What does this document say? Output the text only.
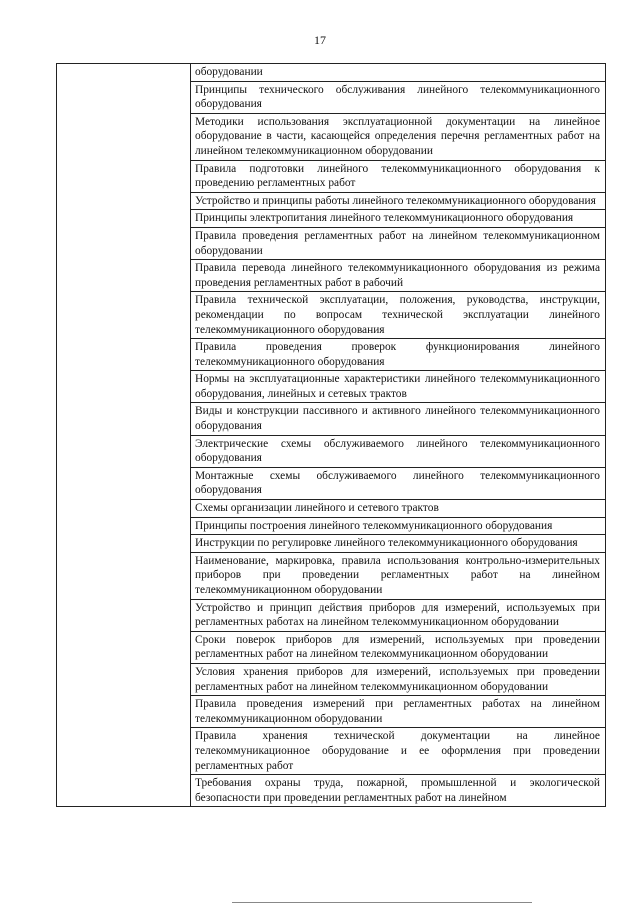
17
	оборудовании
Принципы технического обслуживания линейного телекоммуникационного оборудования
Методики использования эксплуатационной документации на линейное оборудование в части, касающейся определения перечня регламентных работ на линейном телекоммуникационном оборудовании
Правила подготовки линейного телекоммуникационного оборудования к проведению регламентных работ
Устройство и принципы работы линейного телекоммуникационного оборудования
Принципы электропитания линейного телекоммуникационного оборудования
Правила проведения регламентных работ на линейном телекоммуникационном оборудовании
Правила перевода линейного телекоммуникационного оборудования из режима проведения регламентных работ в рабочий
Правила технической эксплуатации, положения, руководства, инструкции, рекомендации по вопросам технической эксплуатации линейного телекоммуникационного оборудования
Правила проведения проверок функционирования линейного телекоммуникационного оборудования
Нормы на эксплуатационные характеристики линейного телекоммуникационного оборудования, линейных и сетевых трактов
Виды и конструкции пассивного и активного линейного телекоммуникационного оборудования
Электрические схемы обслуживаемого линейного телекоммуникационного оборудования
Монтажные схемы обслуживаемого линейного телекоммуникационного оборудования
Схемы организации линейного и сетевого трактов
Принципы построения линейного телекоммуникационного оборудования
Инструкции по регулировке линейного телекоммуникационного оборудования
Наименование, маркировка, правила использования контрольно-измерительных приборов при проведении регламентных работ на линейном телекоммуникационном оборудовании
Устройство и принцип действия приборов для измерений, используемых при регламентных работах на линейном телекоммуникационном оборудовании
Сроки поверок приборов для измерений, используемых при проведении регламентных работ на линейном телекоммуникационном оборудовании
Условия хранения приборов для измерений, используемых при проведении регламентных работ на линейном телекоммуникационном оборудовании
Правила проведения измерений при регламентных работах на линейном телекоммуникационном оборудовании
Правила хранения технической документации на линейное телекоммуникационное оборудование и ее оформления при проведении регламентных работ
Требования охраны труда, пожарной, промышленной и экологической безопасности при проведении регламентных работ на линейном
